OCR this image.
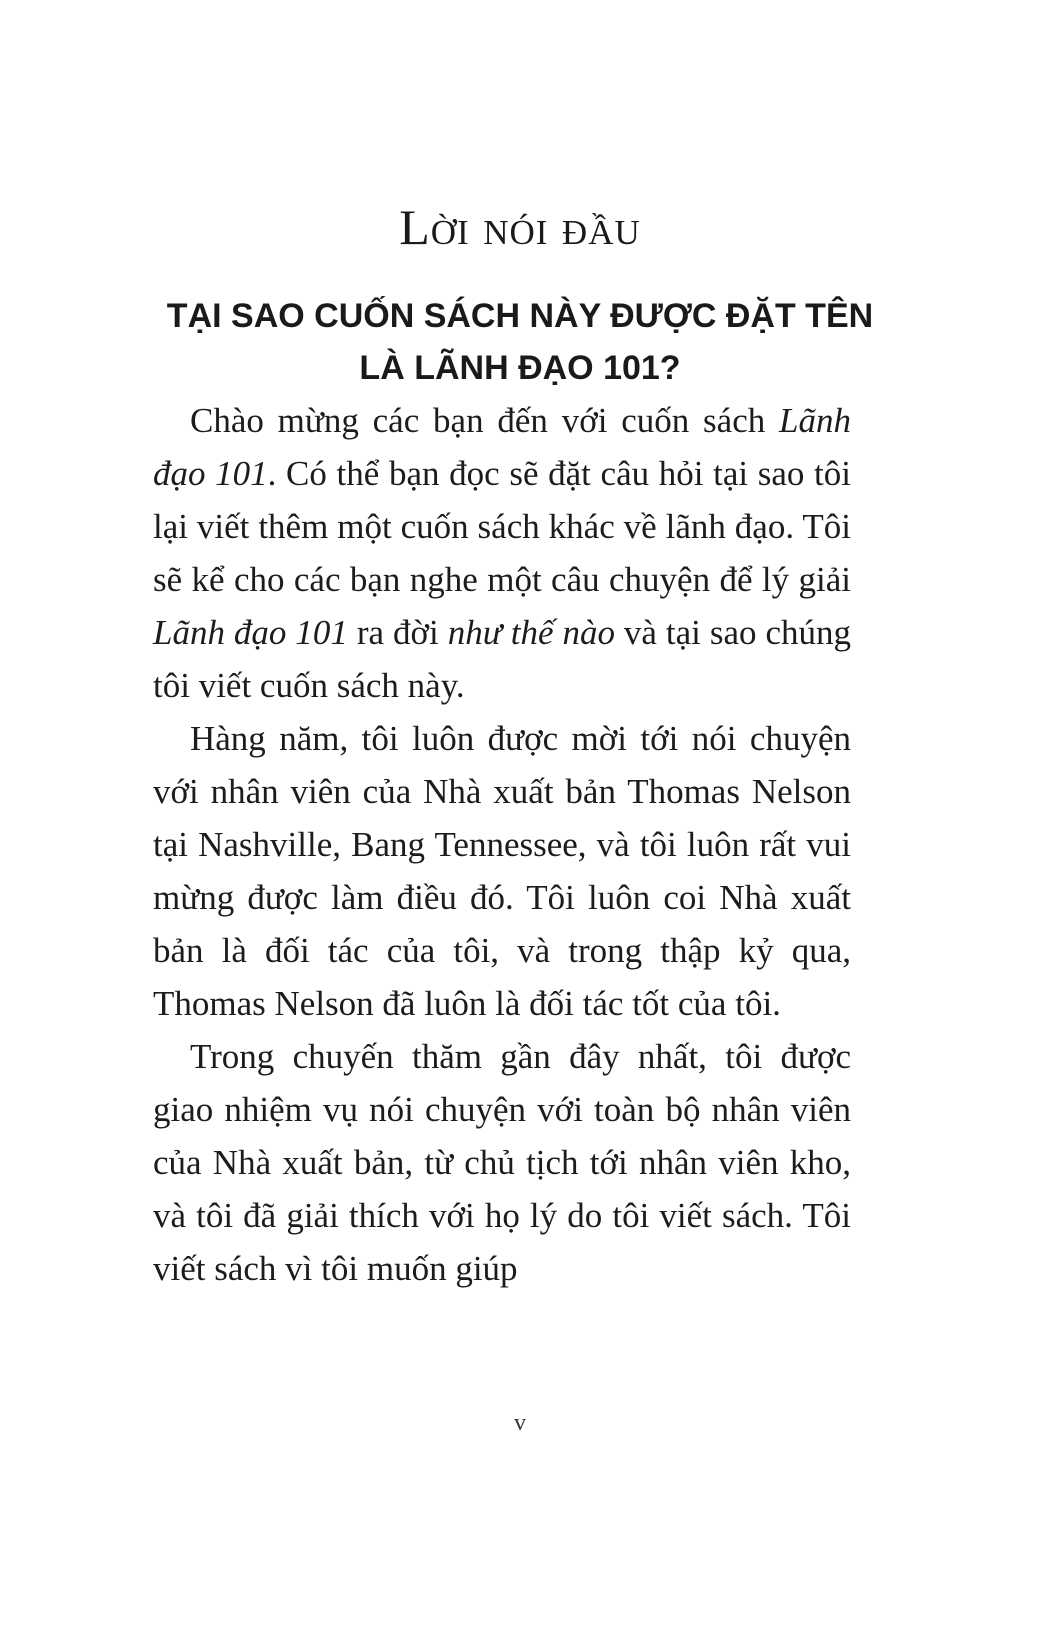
Lời nói đầu
TẠI SAO CUỐN SÁCH NÀY ĐƯỢC ĐẶT TÊN
LÀ LÃNH ĐẠO 101?

Chào mừng các bạn đến với cuốn sách Lãnh đạo 101. Có thể bạn đọc sẽ đặt câu hỏi tại sao tôi lại viết thêm một cuốn sách khác về lãnh đạo. Tôi sẽ kể cho các bạn nghe một câu chuyện để lý giải Lãnh đạo 101 ra đời như thế nào và tại sao chúng tôi viết cuốn sách này.

Hàng năm, tôi luôn được mời tới nói chuyện với nhân viên của Nhà xuất bản Thomas Nelson tại Nashville, Bang Tennessee, và tôi luôn rất vui mừng được làm điều đó. Tôi luôn coi Nhà xuất bản là đối tác của tôi, và trong thập kỷ qua, Thomas Nelson đã luôn là đối tác tốt của tôi.

Trong chuyến thăm gần đây nhất, tôi được giao nhiệm vụ nói chuyện với toàn bộ nhân viên của Nhà xuất bản, từ chủ tịch tới nhân viên kho, và tôi đã giải thích với họ lý do tôi viết sách. Tôi viết sách vì tôi muốn giúp

v
